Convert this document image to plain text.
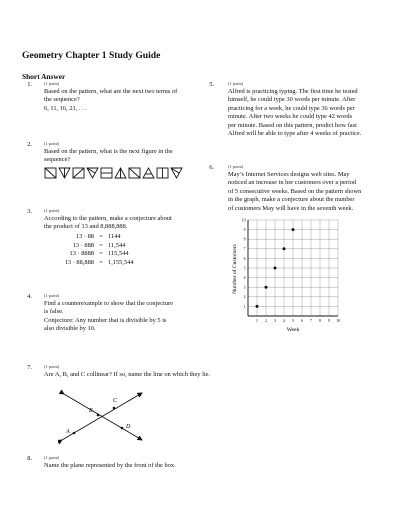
Geometry Chapter 1 Study Guide
Short Answer
1.	(1 point)
Based on the pattern, what are the next two terms of
the sequence?
6, 11, 16, 21, . . .
2.	(1 point)
Based on the pattern, what is the next figure in the
sequence?
3.	(1 point)
According to the pattern, make a conjecture about
the product of 13 and 8,888,888.
13 · 88 = 1144
13 · 888 = 11,544
13 · 8888 = 115,544
13 · 88,888 = 1,155,544
4.	(1 point)
Find a counterexample to show that the conjecture
is false.
Conjecture: Any number that is divisible by 5 is
also divisible by 10.
5.	(1 point)
Alfred is practicing typing. The first time he tested
himself, he could type 30 words per minute. After
practicing for a week, he could type 36 words per
minute. After two weeks he could type 42 words
per minute. Based on this pattern, predict how fast
Alfred will be able to type after 4 weeks of practice.
6.	(1 point)
May’s Internet Services designs web sites. May
noticed an increase in her customers over a period
of 5 consecutive weeks. Based on the pattern shown
in the graph, make a conjecture about the number
of customers May will have in the seventh week.
1 2 3 4 5 6 7 8 9 10
1
2
3
4
5
6
7
8
9
10
Number of Customers
Week
7.	(1 point)
Are A, B, and C collinear? If so, name the line on which they lie.
A
B
C
D
8.	(1 point)
Name the plane represented by the front of the box.
